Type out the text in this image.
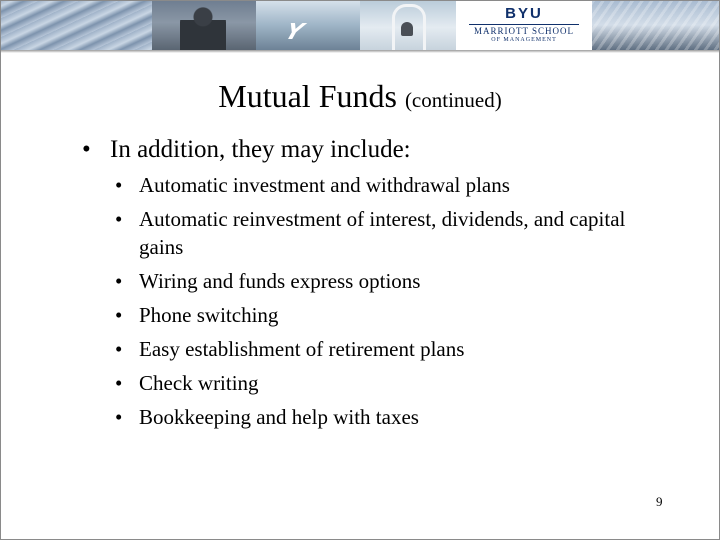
Y
BYU
MARRIOTT SCHOOL
OF MANAGEMENT
Mutual Funds (continued)
• In addition, they may include:
• Automatic investment and withdrawal plans
• Automatic reinvestment of interest, dividends, and capital gains
• Wiring and funds express options
• Phone switching
• Easy establishment of retirement plans
• Check writing
• Bookkeeping and help with taxes
9
